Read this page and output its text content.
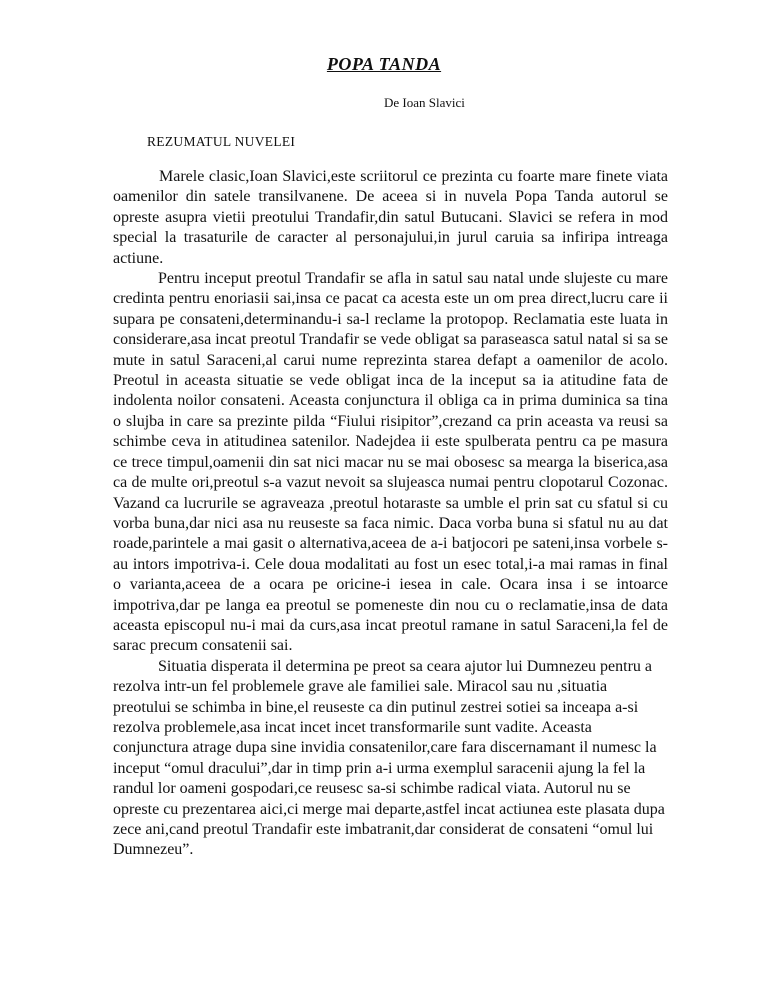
POPA TANDA
De Ioan Slavici
REZUMATUL NUVELEI

Marele clasic,Ioan Slavici,este scriitorul ce prezinta cu foarte mare finete viata oamenilor din satele transilvanene. De aceea si in nuvela Popa Tanda autorul se opreste asupra vietii preotului Trandafir,din satul Butucani. Slavici se refera in mod special la trasaturile de caracter al personajului,in jurul caruia sa infiripa intreaga actiune.

Pentru inceput preotul Trandafir se afla in satul sau natal unde slujeste cu mare credinta pentru enoriasii sai,insa ce pacat ca acesta este un om prea direct,lucru care ii supara pe consateni,determinandu-i sa-l reclame la protopop. Reclamatia este luata in considerare,asa incat preotul Trandafir se vede obligat sa paraseasca satul natal si sa se mute in satul Saraceni,al carui nume reprezinta starea defapt a oamenilor de acolo. Preotul in aceasta situatie se vede obligat inca de la inceput sa ia atitudine fata de indolenta noilor consateni. Aceasta conjunctura il obliga ca in prima duminica sa tina o slujba in care sa prezinte pilda “Fiului risipitor”,crezand ca prin aceasta va reusi sa schimbe ceva in atitudinea satenilor. Nadejdea ii este spulberata pentru ca pe masura ce trece timpul,oamenii din sat nici macar nu se mai obosesc sa mearga la biserica,asa ca de multe ori,preotul s-a vazut nevoit sa slujeasca numai pentru clopotarul Cozonac. Vazand ca lucrurile se agraveaza ,preotul hotaraste sa umble el prin sat cu sfatul si cu vorba buna,dar nici asa nu reuseste sa faca nimic. Daca vorba buna si sfatul nu au dat roade,parintele a mai gasit o alternativa,aceea de a-i batjocori pe sateni,insa vorbele s-au intors impotriva-i. Cele doua modalitati au fost un esec total,i-a mai ramas in final o varianta,aceea de a ocara pe oricine-i iesea in cale. Ocara insa i se intoarce impotriva,dar pe langa ea preotul se pomeneste din nou cu o reclamatie,insa de data aceasta episcopul nu-i mai da curs,asa incat preotul ramane in satul Saraceni,la fel de sarac precum consatenii sai.

Situatia disperata il determina pe preot sa ceara ajutor lui Dumnezeu pentru a rezolva intr-un fel problemele grave ale familiei sale. Miracol sau nu ,situatia preotului se schimba in bine,el reuseste ca din putinul zestrei sotiei sa inceapa a-si rezolva problemele,asa incat incet incet transformarile sunt vadite. Aceasta conjunctura atrage dupa sine invidia consatenilor,care fara discernamant il numesc la inceput “omul dracului”,dar in timp prin a-i urma exemplul saracenii ajung la fel la randul lor oameni gospodari,ce reusesc sa-si schimbe radical viata. Autorul nu se opreste cu prezentarea aici,ci merge mai departe,astfel incat actiunea este plasata dupa zece ani,cand preotul Trandafir este imbatranit,dar considerat de consateni “omul lui Dumnezeu”.
